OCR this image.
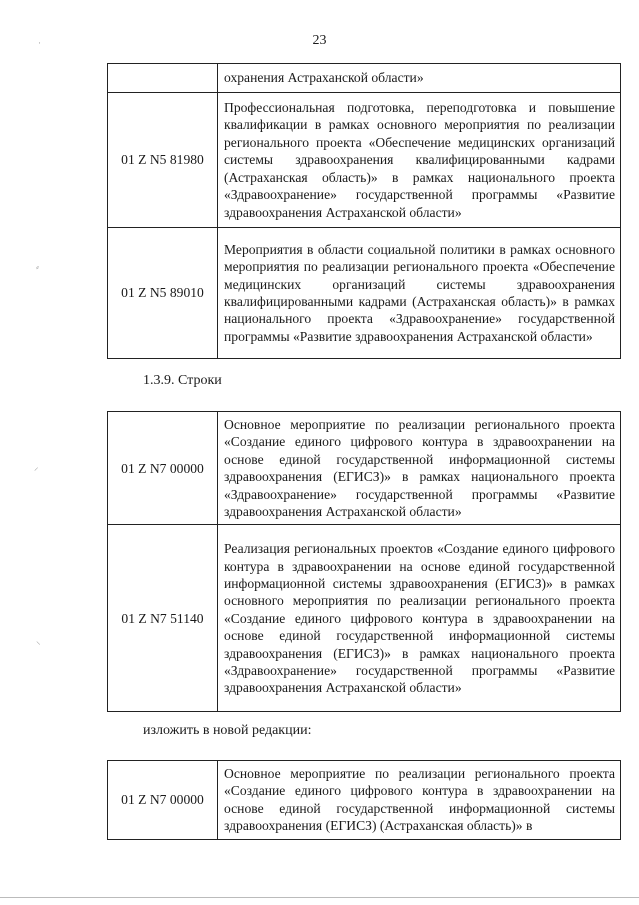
23
	охранения Астраханской области»
01 Z N5 81980	Профессиональная подготовка, переподготовка и повышение квалификации в рамках основного мероприятия по реализации регионального проекта «Обеспечение медицинских организаций системы здравоохранения квалифицированными кадрами (Астраханская область)» в рамках национального проекта «Здравоохранение» государственной программы «Развитие здравоохранения Астраханской области»
01 Z N5 89010	Мероприятия в области социальной политики в рамках основного мероприятия по реализации регионального проекта «Обеспечение медицинских организаций системы здравоохранения квалифицированными кадрами (Астраханская область)» в рамках национального проекта «Здравоохранение» государственной программы «Развитие здравоохранения Астраханской области»
1.3.9. Строки
01 Z N7 00000	Основное мероприятие по реализации регионального проекта «Создание единого цифрового контура в здравоохранении на основе единой государственной информационной системы здравоохранения (ЕГИСЗ)» в рамках национального проекта «Здравоохранение» государственной программы «Развитие здравоохранения Астраханской области»
01 Z N7 51140	Реализация региональных проектов «Создание единого цифрового контура в здравоохранении на основе единой государственной информационной системы здравоохранения (ЕГИСЗ)» в рамках основного мероприятия по реализации регионального проекта «Создание единого цифрового контура в здравоохранении на основе единой государственной информационной системы здравоохранения (ЕГИСЗ)» в рамках национального проекта «Здравоохранение» государственной программы «Развитие здравоохранения Астраханской области»
изложить в новой редакции:
01 Z N7 00000	Основное мероприятие по реализации регионального проекта «Создание единого цифрового контура в здравоохранении на основе единой государственной информационной системы здравоохранения (ЕГИСЗ) (Астраханская область)» в
·
⸗
⸝
⸜
